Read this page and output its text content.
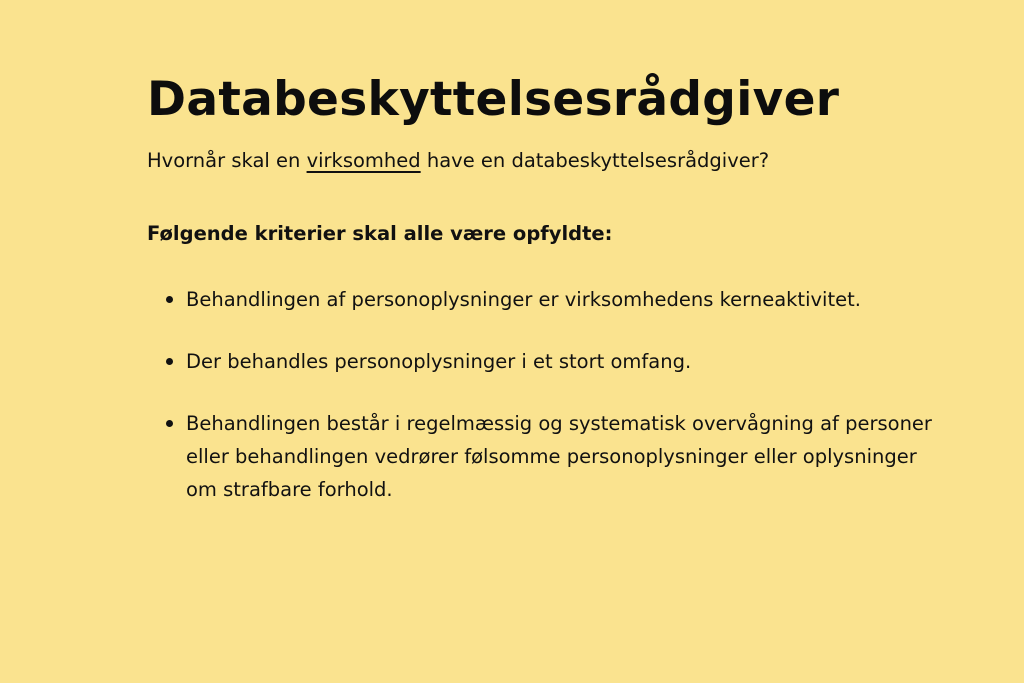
Databeskyttelsesrådgiver

Hvornår skal en virksomhed have en databeskyttelsesrådgiver?

Følgende kriterier skal alle være opfyldte:

Behandlingen af personoplysninger er virksomhedens kerneaktivitet.
Der behandles personoplysninger i et stort omfang.
Behandlingen består i regelmæssig og systematisk overvågning af personer eller behandlingen vedrører følsomme personoplysninger eller oplysninger om strafbare forhold.
